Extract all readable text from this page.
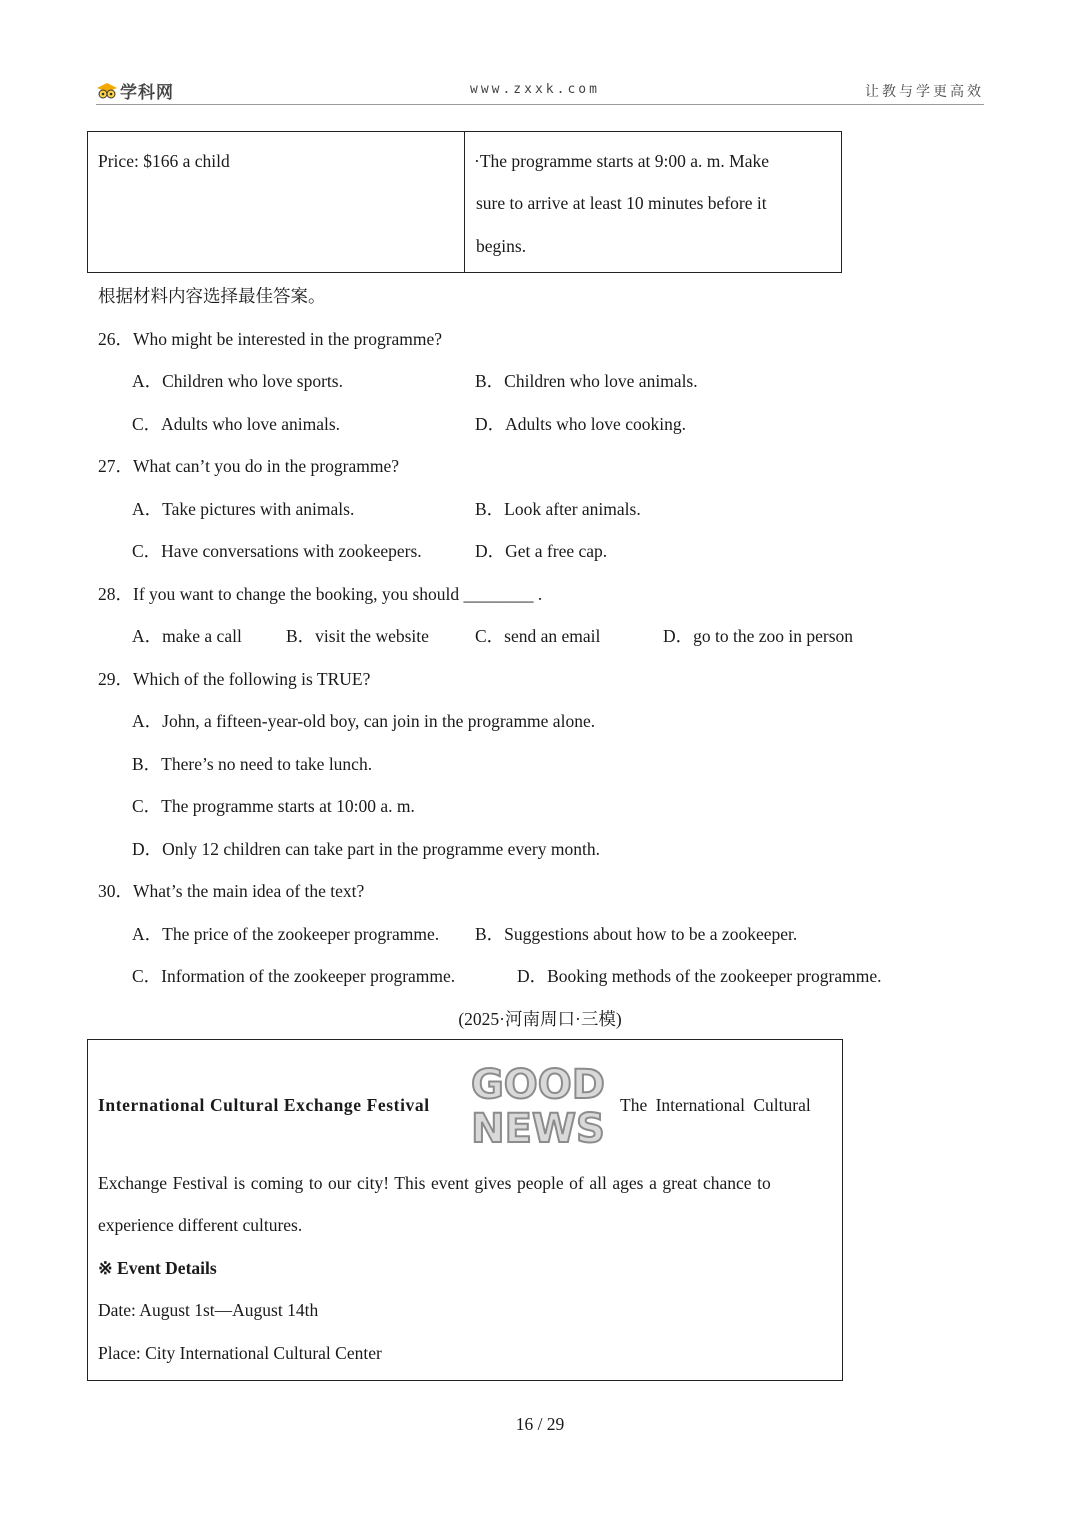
学科网	www.zxxk.com	让教与学更高效
Price: $166 a child	·The programme starts at 9:00 a. m. Make
sure to arrive at least 10 minutes before it
begins.
根据材料内容选择最佳答案。
26．Who might be interested in the programme?
A．Children who love sports.	B．Children who love animals.
C．Adults who love animals.	D．Adults who love cooking.
27．What can’t you do in the programme?
A．Take pictures with animals.	B．Look after animals.
C．Have conversations with zookeepers.	D．Get a free cap.
28．If you want to change the booking, you should ________ .
A．make a call	B．visit the website	C．send an email	D．go to the zoo in person
29．Which of the following is TRUE?
A．John, a fifteen-year-old boy, can join in the programme alone.
B．There’s no need to take lunch.
C．The programme starts at 10:00 a. m.
D．Only 12 children can take part in the programme every month.
30．What’s the main idea of the text?
A．The price of the zookeeper programme. B．Suggestions about how to be a zookeeper.
C．Information of the zookeeper programme.	D．Booking methods of the zookeeper programme.
(2025·河南周口·三模)
International Cultural Exchange Festival GOOD
NEWS
The International Cultural
Exchange Festival is coming to our city! This event gives people of all ages a great chance to
experience different cultures.
※ Event Details
Date: August 1st—August 14th
Place: City International Cultural Center
16 / 29
